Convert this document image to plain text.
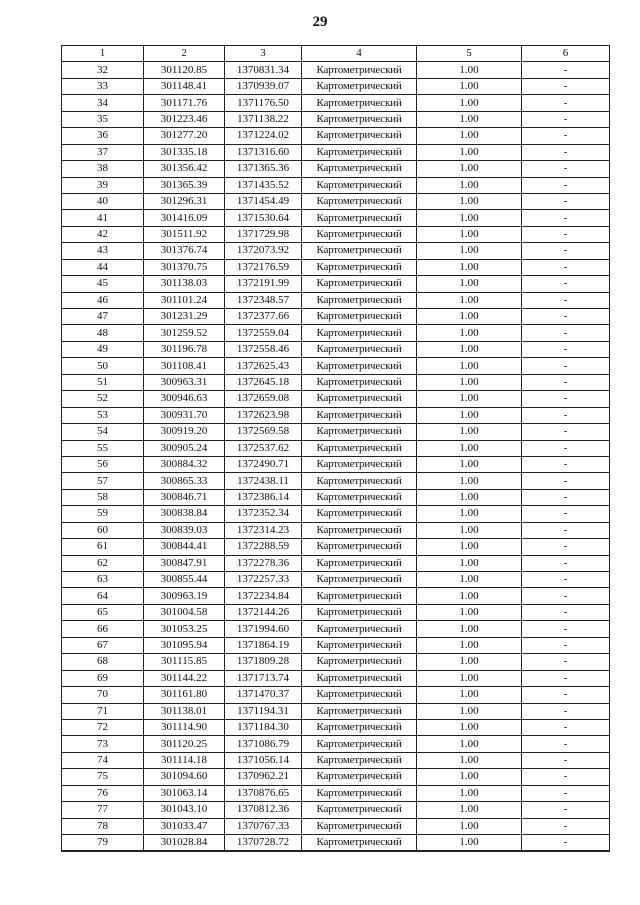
29
1	2	3	4	5	6
32	301120.85	1370831.34	Картометрический	1.00	-
33	301148.41	1370939.07	Картометрический	1.00	-
34	301171.76	1371176.50	Картометрический	1.00	-
35	301223.46	1371138.22	Картометрический	1.00	-
36	301277.20	1371224.02	Картометрический	1.00	-
37	301335.18	1371316.60	Картометрический	1.00	-
38	301356.42	1371365.36	Картометрический	1.00	-
39	301365.39	1371435.52	Картометрический	1.00	-
40	301296.31	1371454.49	Картометрический	1.00	-
41	301416.09	1371530.64	Картометрический	1.00	-
42	301511.92	1371729.98	Картометрический	1.00	-
43	301376.74	1372073.92	Картометрический	1.00	-
44	301370.75	1372176.59	Картометрический	1.00	-
45	301138.03	1372191.99	Картометрический	1.00	-
46	301101.24	1372348.57	Картометрический	1.00	-
47	301231.29	1372377.66	Картометрический	1.00	-
48	301259.52	1372559.04	Картометрический	1.00	-
49	301196.78	1372558.46	Картометрический	1.00	-
50	301108.41	1372625.43	Картометрический	1.00	-
51	300963.31	1372645.18	Картометрический	1.00	-
52	300946.63	1372659.08	Картометрический	1.00	-
53	300931.70	1372623.98	Картометрический	1.00	-
54	300919.20	1372569.58	Картометрический	1.00	-
55	300905.24	1372537.62	Картометрический	1.00	-
56	300884.32	1372490.71	Картометрический	1.00	-
57	300865.33	1372438.11	Картометрический	1.00	-
58	300846.71	1372386.14	Картометрический	1.00	-
59	300838.84	1372352.34	Картометрический	1.00	-
60	300839.03	1372314.23	Картометрический	1.00	-
61	300844.41	1372288.59	Картометрический	1.00	-
62	300847.91	1372278.36	Картометрический	1.00	-
63	300855.44	1372257.33	Картометрический	1.00	-
64	300963.19	1372234.84	Картометрический	1.00	-
65	301004.58	1372144.26	Картометрический	1.00	-
66	301053.25	1371994.60	Картометрический	1.00	-
67	301095.94	1371864.19	Картометрический	1.00	-
68	301115.85	1371809.28	Картометрический	1.00	-
69	301144.22	1371713.74	Картометрический	1.00	-
70	301161.80	1371470.37	Картометрический	1.00	-
71	301138.01	1371194.31	Картометрический	1.00	-
72	301114.90	1371184.30	Картометрический	1.00	-
73	301120.25	1371086.79	Картометрический	1.00	-
74	301114.18	1371056.14	Картометрический	1.00	-
75	301094.60	1370962.21	Картометрический	1.00	-
76	301063.14	1370876.65	Картометрический	1.00	-
77	301043.10	1370812.36	Картометрический	1.00	-
78	301033.47	1370767.33	Картометрический	1.00	-
79	301028.84	1370728.72	Картометрический	1.00	-
